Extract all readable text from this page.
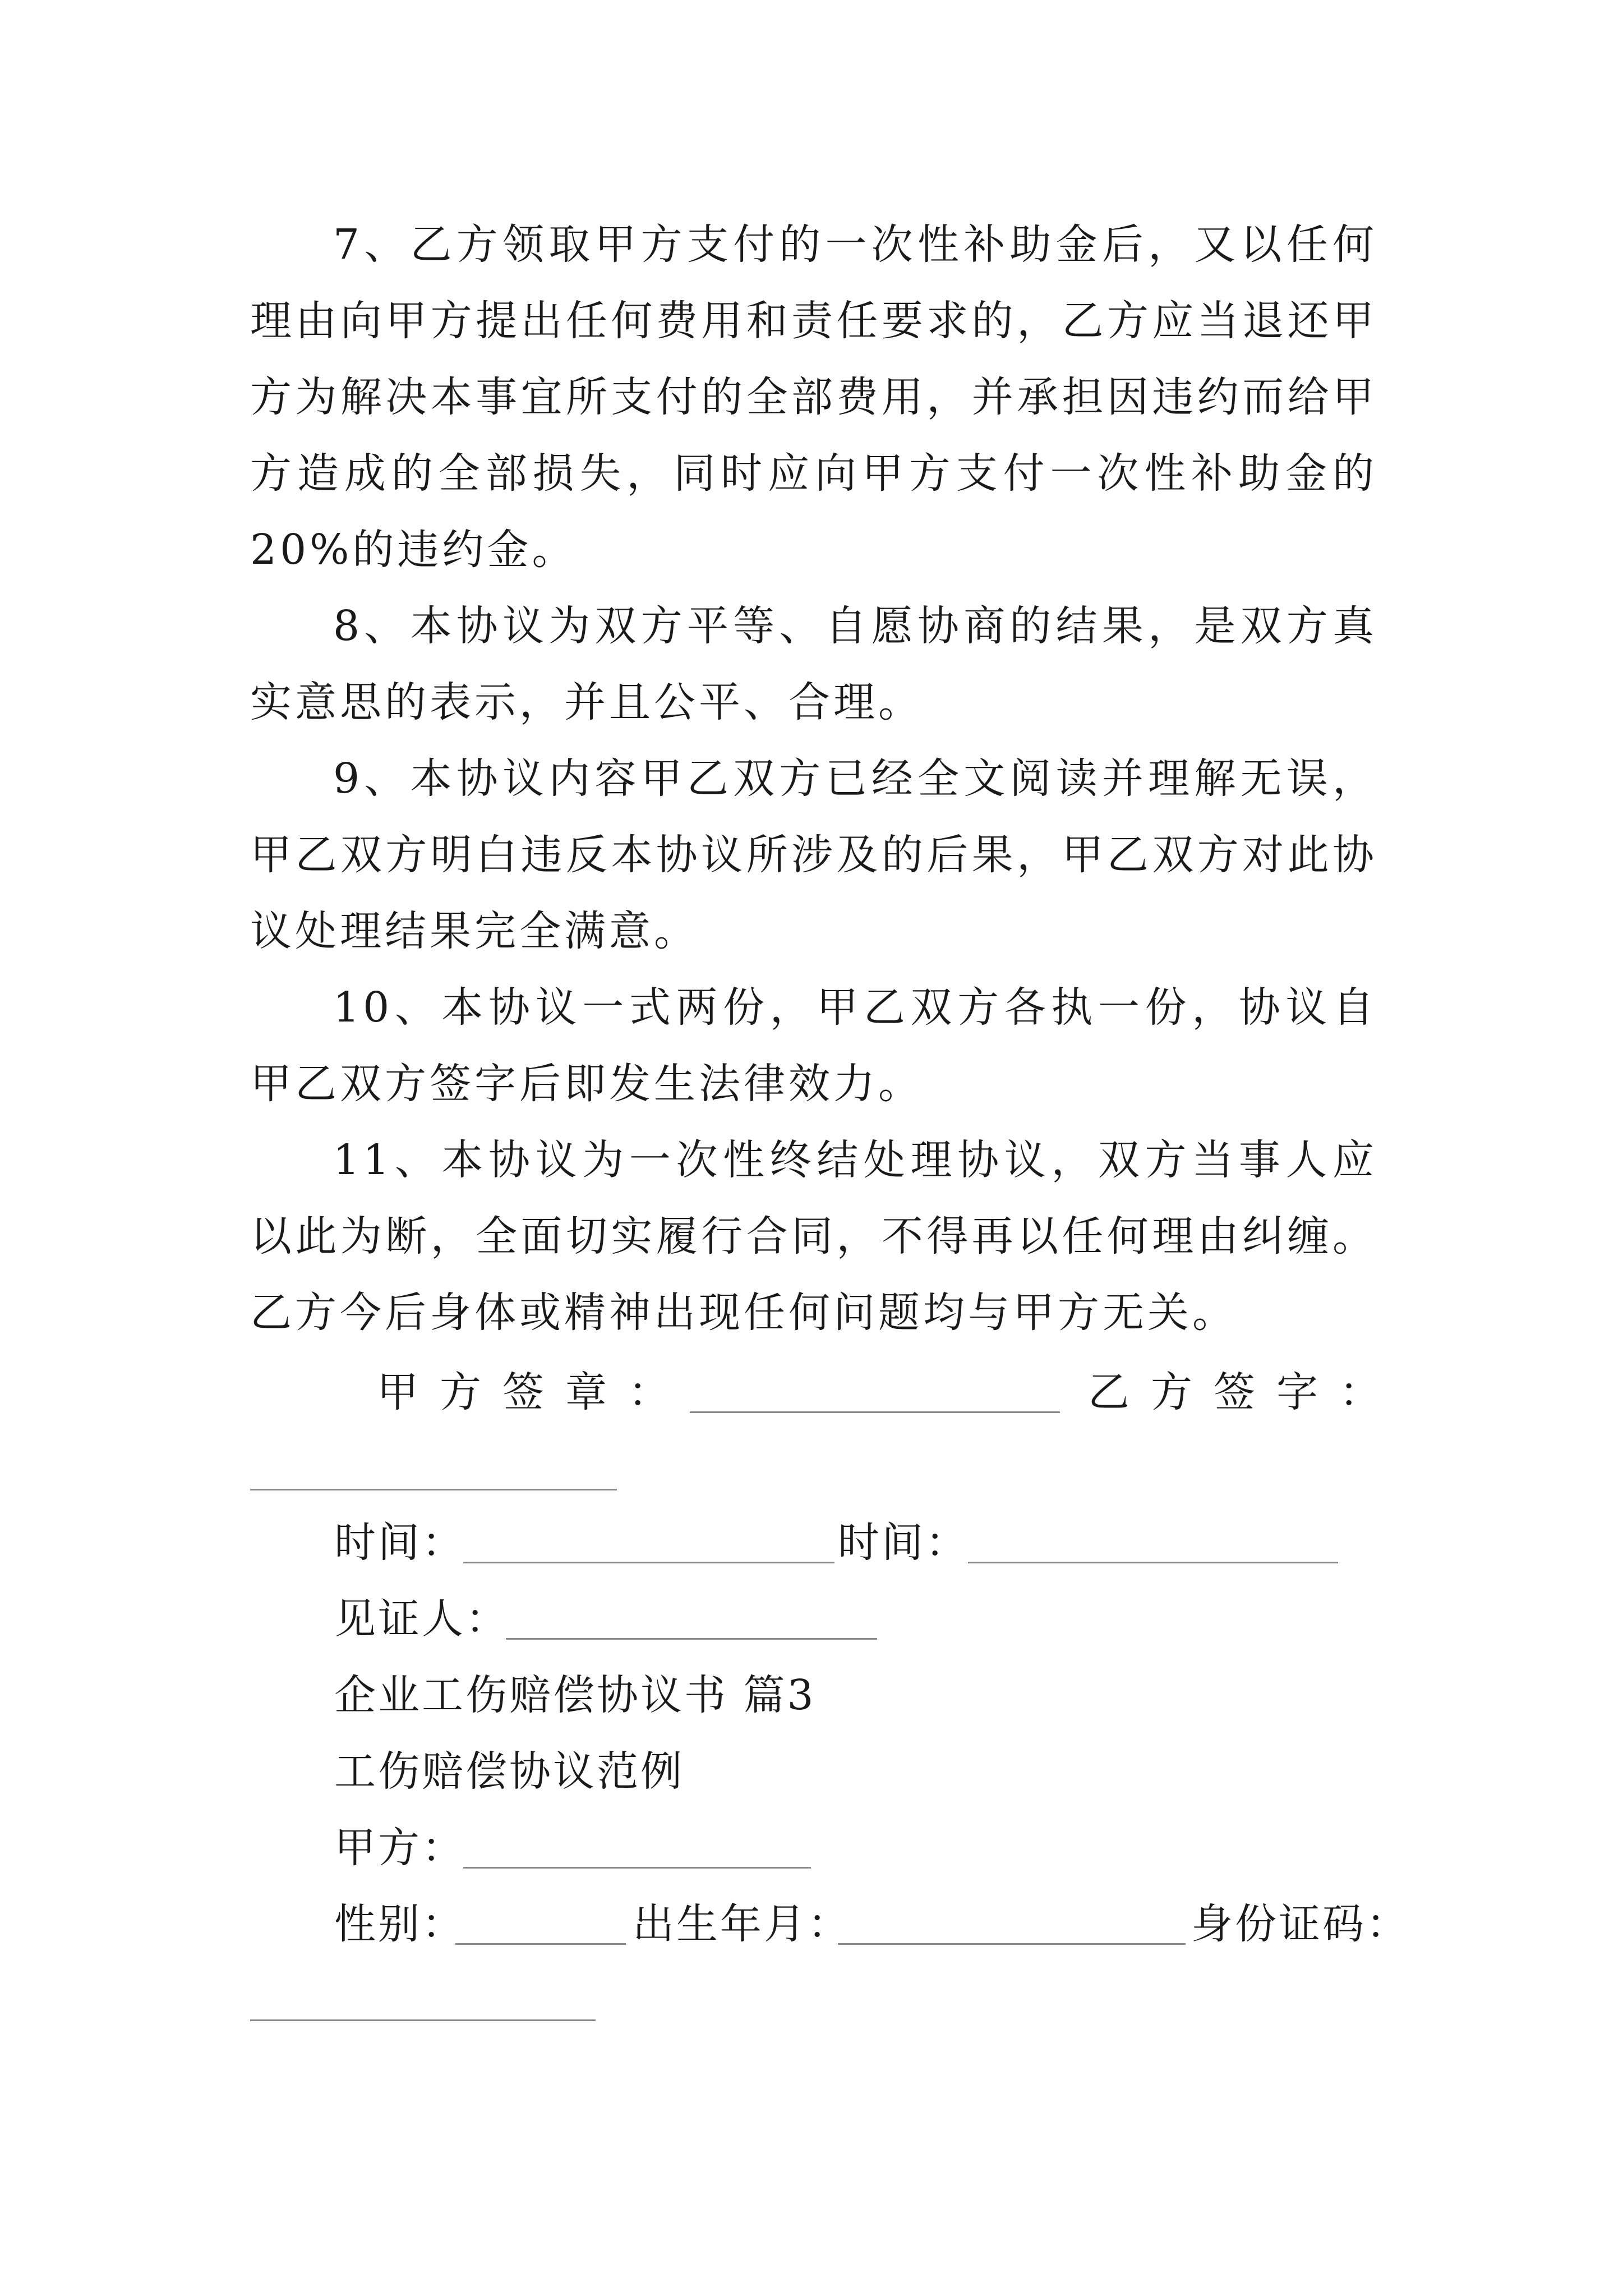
7、乙方领取甲方支付的一次性补助金后，又以任何理由向甲方提出任何费用和责任要求的，乙方应当退还甲方为解决本事宜所支付的全部费用，并承担因违约而给甲方造成的全部损失，同时应向甲方支付一次性补助金的20%的违约金。

8、本协议为双方平等、自愿协商的结果，是双方真实意思的表示，并且公平、合理。

9、本协议内容甲乙双方已经全文阅读并理解无误，甲乙双方明白违反本协议所涉及的后果，甲乙双方对此协议处理结果完全满意。

10、本协议一式两份，甲乙双方各执一份，协议自甲乙双方签字后即发生法律效力。

11、本协议为一次性终结处理协议，双方当事人应以此为断，全面切实履行合同，不得再以任何理由纠缠。乙方今后身体或精神出现任何问题均与甲方无关。

甲方签章：	乙方签字：
时间：	时间：
见证人：
企业工伤赔偿协议书 篇3
工伤赔偿协议范例
甲方：
性别：	出生年月：	身份证码：
